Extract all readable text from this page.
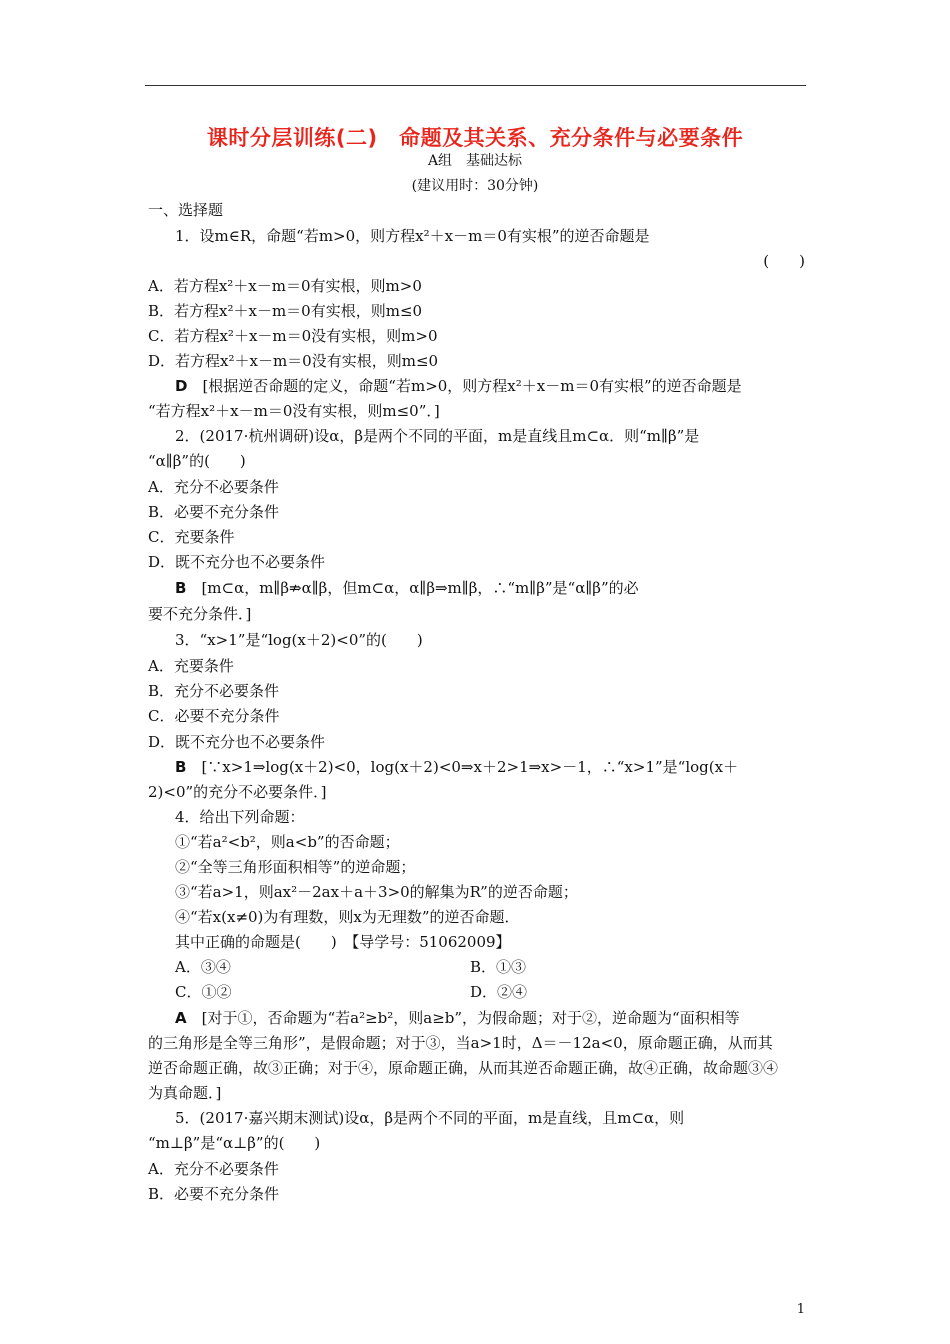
课时分层训练(二)　命题及其关系、充分条件与必要条件
A组　基础达标
(建议用时：30分钟)
一、选择题
1．设m∈R，命题“若m>0，则方程x²＋x－m＝0有实根”的逆否命题是
(　　)
A．若方程x²＋x－m＝0有实根，则m>0
B．若方程x²＋x－m＝0有实根，则m≤0
C．若方程x²＋x－m＝0没有实根，则m>0
D．若方程x²＋x－m＝0没有实根，则m≤0
D　[根据逆否命题的定义，命题“若m>0，则方程x²＋x－m＝0有实根”的逆否命题是
“若方程x²＋x－m＝0没有实根，则m≤0”．]
2．(2017·杭州调研)设α，β是两个不同的平面，m是直线且m⊂α．则“m∥β”是
“α∥β”的(　　)
A．充分不必要条件
B．必要不充分条件
C．充要条件
D．既不充分也不必要条件
B　[m⊂α，m∥β⇏α∥β，但m⊂α，α∥β⇒m∥β，∴“m∥β”是“α∥β”的必
要不充分条件．]
3．“x>1”是“log(x＋2)<0”的(　　)
A．充要条件
B．充分不必要条件
C．必要不充分条件
D．既不充分也不必要条件
B　[∵x>1⇒log(x＋2)<0，log(x＋2)<0⇒x＋2>1⇒x>－1，∴“x>1”是“log(x＋
2)<0”的充分不必要条件．]
4．给出下列命题：
①“若a²<b²，则a<b”的否命题；
②“全等三角形面积相等”的逆命题；
③“若a>1，则ax²－2ax＋a＋3>0的解集为R”的逆否命题；
④“若x(x≠0)为有理数，则x为无理数”的逆否命题．
其中正确的命题是(　　)　【导学号：51062009】
A．③④	B．①③
C．①②	D．②④
A　[对于①，否命题为“若a²≥b²，则a≥b”，为假命题；对于②，逆命题为“面积相等
的三角形是全等三角形”，是假命题；对于③，当a>1时，Δ＝－12a<0，原命题正确，从而其
逆否命题正确，故③正确；对于④，原命题正确，从而其逆否命题正确，故④正确，故命题③④
为真命题．]
5．(2017·嘉兴期末测试)设α，β是两个不同的平面，m是直线，且m⊂α，则
“m⊥β”是“α⊥β”的(　　)
A．充分不必要条件
B．必要不充分条件
1
